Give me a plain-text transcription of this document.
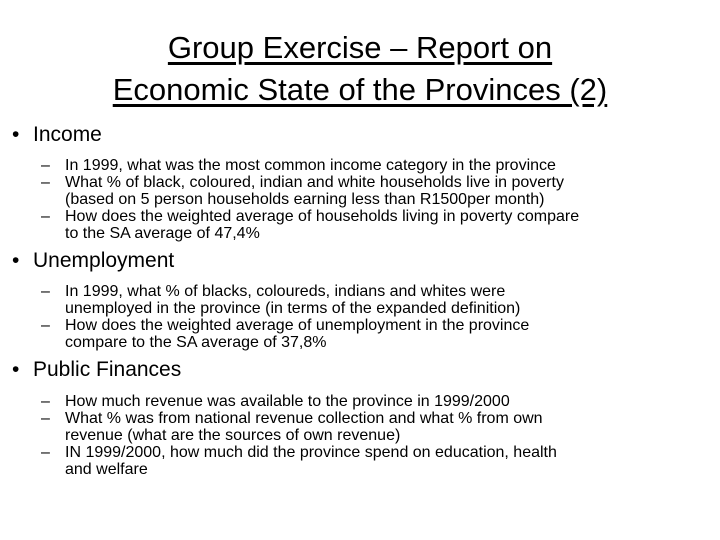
Group Exercise – Report on
Economic State of the Provinces (2)
• Income
– In 1999, what was the most common income category in the province
– What % of black, coloured, indian and white households live in poverty
(based on 5 person households earning less than R1500per month)
– How does the weighted average of households living in poverty compare
to the SA average of 47,4%
• Unemployment
– In 1999, what % of blacks, coloureds, indians and whites were
unemployed in the province (in terms of the expanded definition)
– How does the weighted average of unemployment in the province
compare to the SA average of 37,8%
• Public Finances
– How much revenue was available to the province in 1999/2000
– What % was from national revenue collection and what % from own
revenue (what are the sources of own revenue)
– IN 1999/2000, how much did the province spend on education, health
and welfare
